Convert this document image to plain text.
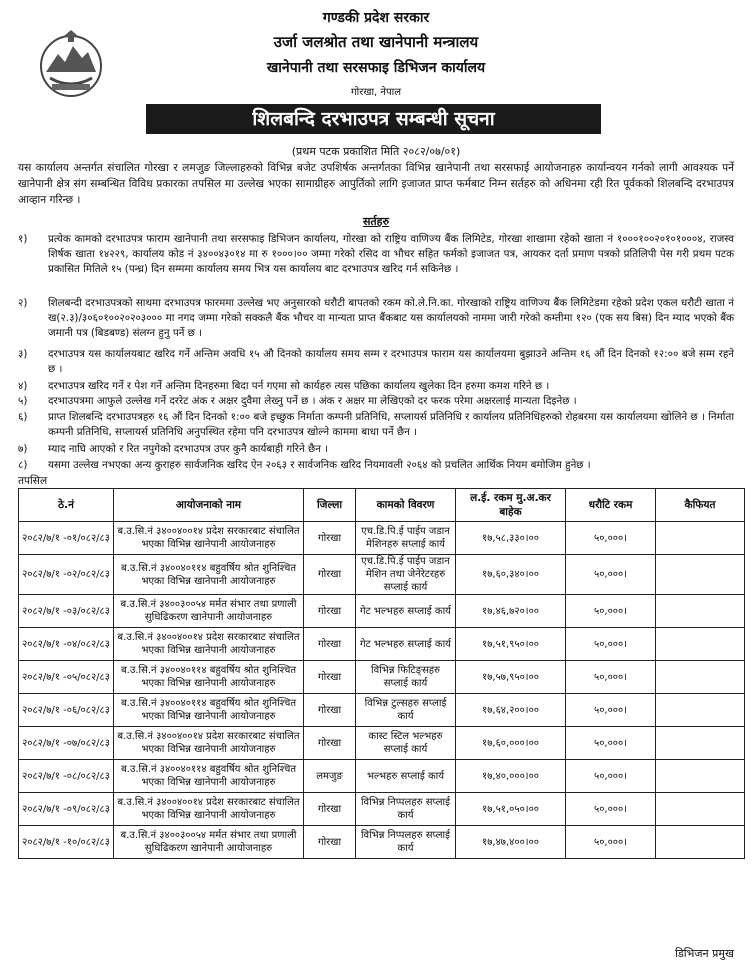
गण्डकी प्रदेश सरकार
उर्जा जलश्रोत तथा खानेपानी मन्त्रालय
खानेपानी तथा सरसफाइ डिभिजन कार्यालय
गोरखा, नेपाल
शिलबन्दि दरभाउपत्र सम्बन्धी सूचना
(प्रथम पटक प्रकाशित मिति २०८२/०७/०१)
यस कार्यालय अन्तर्गत संचालित गोरखा र लमजुङ जिल्लाहरुको विभिन्न बजेट उपशिर्षक अन्तर्गतका विभिन्न खानेपानी तथा सरसफाई आयोजनाहरु कार्यान्वयन गर्नको लागी आवश्यक पर्ने खानेपानी क्षेत्र संग सम्बन्धित विविध प्रकारका तपसिल मा उल्लेख भएका सामाग्रीहरु आपुर्तिको लागि इजाजत प्राप्त फर्मबाट निम्न सर्तहरु को अधिनमा रही रित पूर्वकको शिलबन्दि दरभाउपत्र आव्हान गरिन्छ ।
सर्तहरु
१)	प्रत्येक कामको दरभाउपत्र फाराम खानेपानी तथा सरसफाइ डिभिजन कार्यालय, गोरखा को राष्ट्रिय वाणिज्य बैंक लिमिटेड, गोरखा शाखामा रहेको खाता नं १०००१००२०१०१०००४, राजस्व शिर्षक खाता १४२२९, कार्यालय कोड नं ३४००४३०१४ मा रु १०००।०० जम्मा गरेको रसिद वा भौचर सहित फर्मको इजाजत पत्र, आयकर दर्ता प्रमाण पत्रको प्रतिलिपी पेस गरी प्रथम पटक प्रकासित मितिले १५ (पन्ध्र) दिन सम्ममा कार्यालय समय भित्र यस कार्यालय बाट दरभाउपत्र खरिद गर्न सकिनेछ ।
२)	शिलबन्दी दरभाउपत्रको साथमा दरभाउपत्र फारममा उल्लेख भए अनुसारको धरौटी बापतको रकम को.ले.नि.का. गोरखाको राष्ट्रिय वाणिज्य बैंक लिमिटेडमा रहेको प्रदेश एकल धरौटी खाता नं ख(२.३)/३०६०१००२०२०३००० मा नगद जम्मा गरेको सक्कलै बैंक भौचर वा मान्यता प्राप्त बैंकबाट यस कार्यालयको नाममा जारी गरेको कम्तीमा १२० (एक सय बिस) दिन म्याद भएको बैंक जमानी पत्र (बिडबण्ड) संलग्न हुनु पर्ने छ ।
३)	दरभाउपत्र यस कार्यालयबाट खरिद गर्ने अन्तिम अवधि १५ औ दिनको कार्यालय समय सम्म र दरभाउपत्र फाराम यस कार्यालयमा बुझाउने अन्तिम १६ औं दिन दिनको १२:०० बजे सम्म रहने छ ।
४)	दरभाउपत्र खरिद गर्ने र पेश गर्ने अन्तिम दिनहरुमा बिदा पर्न गएमा सो कार्यहरु त्यस पछिका कार्यालय खुलेका दिन हरुमा कमश गरिने छ ।
५)	दरभाउपत्रमा आफुले उल्लेख गर्ने दररेट अंक र अक्षर दुवैमा लेख्नु पर्ने छ । अंक र अक्षर मा लेखिएको दर फरक परेमा अक्षरलाई मान्यता दिइनेछ ।
६)	प्राप्त शिलबन्दि दरभाउपत्रहरु १६ औं दिन दिनको १:०० बजे इच्छुक निर्माता कम्पनी प्रतिनिधि, सप्लायर्स प्रतिनिधि र कार्यालय प्रतिनिधिहरुको रोहबरमा यस कार्यालयमा खोलिने छ । निर्माता कम्पनी प्रतिनिधि, सप्लायर्स प्रतिनिधि अनुपस्थित रहेमा पनि दरभाउपत्र खोल्ने काममा बाधा पर्ने छैन ।
७)	म्याद नाघि आएको र रित नपुगेको दरभाउपत्र उपर कुनै कार्यबाही गरिने छैन ।
८)	यसमा उल्लेख नभएका अन्य कुराहरु सार्वजनिक खरिद ऐन २०६३ र सार्वजनिक खरिद नियमावली २०६४ को प्रचलित आर्थिक नियम बमोजिम हुनेछ ।
तपसिल
ठे.नं	आयोजनाको नाम	जिल्ला	कामको विवरण	ल.ई. रकम मु.अ.कर बाहेक	धरौटि रकम	कैफियत
२०८२/७/१ -०१/०८२/८३	ब.उ.सि.नं ३४००४००१४ प्रदेश सरकारबाट संचालित भएका विभिन्न खानेपानी आयोजनाहरु	गोरखा	एच.डि.पि.ई पाईप जडान मेशिनहरु सप्लाई कार्य	१७,५८,३३०।००	५०,०००।	
२०८२/७/१ -०२/०८२/८३	ब.उ.सि.नं ३४००४०११४ बहुवर्षिय श्रोत शुनिश्चित भएका विभिन्न खानेपानी आयोजनाहरु	गोरखा	एच.डि.पि.ई पाईप जडान मेशिन तथा जेनेरेटरहरु सप्लाई कार्य	१७,६०,३४०।००	५०,०००।	
२०८२/७/१ -०३/०८२/८३	ब.उ.सि.नं ३४००३००५४ मर्मत संभार तथा प्रणाली सुधिढिकरण खानेपानी आयोजनाहरु	गोरखा	गेट भल्भहरु सप्लाई कार्य	१७,४६,७२०।००	५०,०००।	
२०८२/७/१ -०४/०८२/८३	ब.उ.सि.नं ३४००४००१४ प्रदेश सरकारबाट संचालित भएका विभिन्न खानेपानी आयोजनाहरु	गोरखा	गेट भल्भहरु सप्लाई कार्य	१७,५१,९५०।००	५०,०००।	
२०८२/७/१ -०५/०८२/८३	ब.उ.सि.नं ३४००४०११४ बहुवर्षिय श्रोत शुनिश्चित भएका विभिन्न खानेपानी आयोजनाहरु	गोरखा	विभिन्न फिटिङ्सहरु सप्लाई कार्य	१७,५७,९५०।००	५०,०००।	
२०८२/७/१ -०६/०८२/८३	ब.उ.सि.नं ३४००४०११४ बहुवर्षिय श्रोत शुनिश्चित भएका विभिन्न खानेपानी आयोजनाहरु	गोरखा	विभिन्न टुल्सहरु सप्लाई कार्य	१७,६४,२००।००	५०,०००।	
२०८२/७/१ -०७/०८२/८३	ब.उ.सि.नं ३४००४००१४ प्रदेश सरकारबाट संचालित भएका विभिन्न खानेपानी आयोजनाहरु	गोरखा	कास्ट स्टिल भल्भहरु सप्लाई कार्य	१७,६०,०००।००	५०,०००।	
२०८२/७/१ -०८/०८२/८३	ब.उ.सि.नं ३४००४०११४ बहुवर्षिय श्रोत शुनिश्चित भएका विभिन्न खानेपानी आयोजनाहरु	लमजुङ	भल्भहरु सप्लाई कार्य	१७,४०,०००।००	५०,०००।	
२०८२/७/१ -०९/०८२/८३	ब.उ.सि.नं ३४००४००१४ प्रदेश सरकारबाट संचालित भएका विभिन्न खानेपानी आयोजनाहरु	गोरखा	विभिन्न निप्पलहरु सप्लाई कार्य	१७,५१,०५०।००	५०,०००।	
२०८२/७/१ -१०/०८२/८३	ब.उ.सि.नं ३४००३००५४ मर्मत संभार तथा प्रणाली सुधिढिकरण खानेपानी आयोजनाहरु	गोरखा	विभिन्न निप्पलहरु सप्लाई कार्य	१७,४७,४००।००	५०,०००।	
डिभिजन प्रमुख
